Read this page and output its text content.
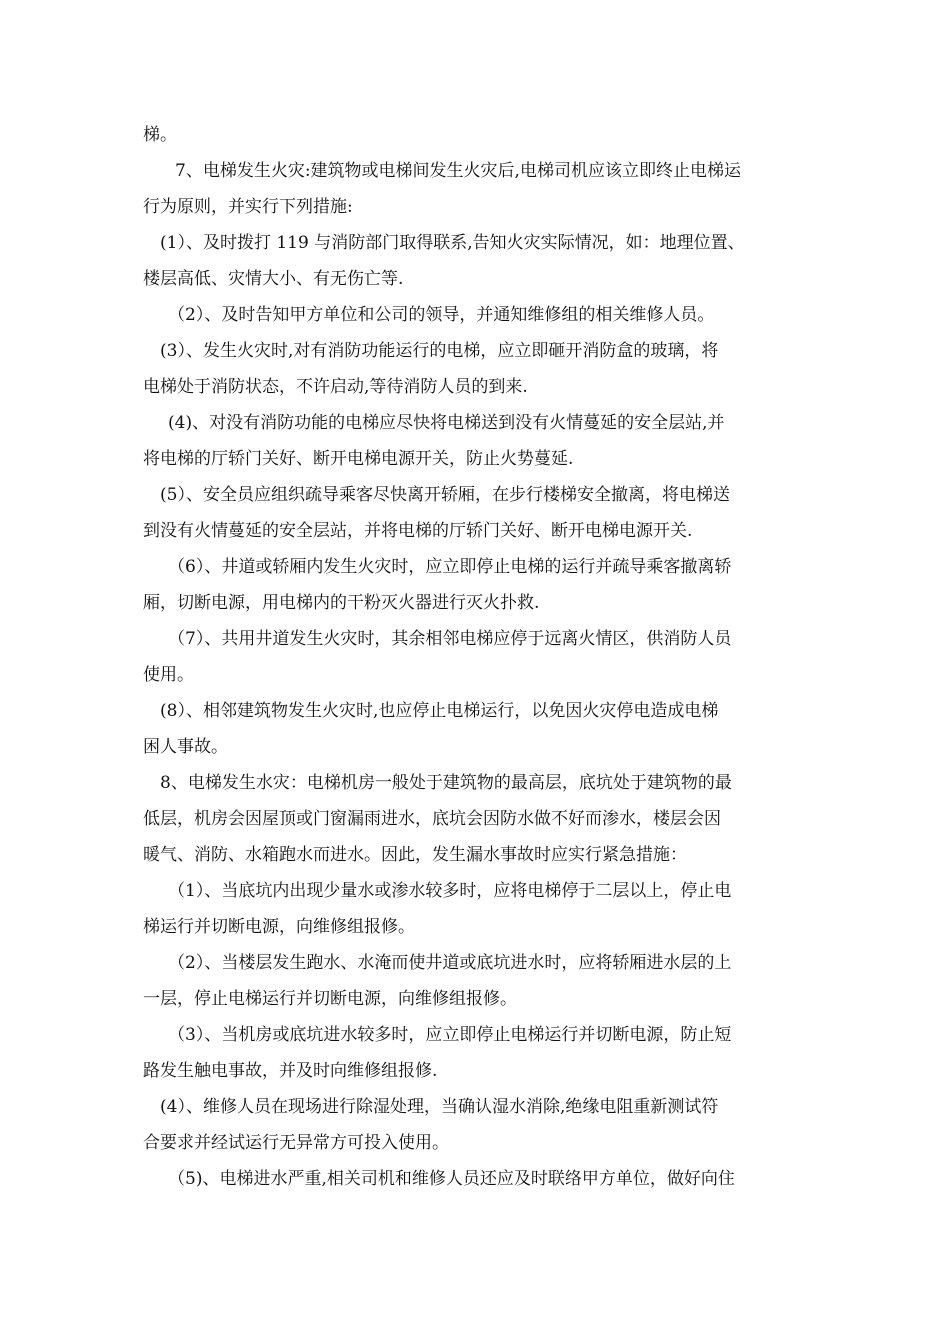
梯。
7、电梯发生火灾:建筑物或电梯间发生火灾后,电梯司机应该立即终止电梯运
行为原则，并实行下列措施:
(1）、及时拨打 119 与消防部门取得联系,告知火灾实际情况，如：地理位置、
楼层高低、灾情大小、有无伤亡等.
（2）、及时告知甲方单位和公司的领导，并通知维修组的相关维修人员。
(3）、发生火灾时,对有消防功能运行的电梯，应立即砸开消防盒的玻璃，将
电梯处于消防状态，不许启动,等待消防人员的到来.
(4)、对没有消防功能的电梯应尽快将电梯送到没有火情蔓延的安全层站,并
将电梯的厅轿门关好、断开电梯电源开关，防止火势蔓延.
(5）、安全员应组织疏导乘客尽快离开轿厢，在步行楼梯安全撤离，将电梯送
到没有火情蔓延的安全层站，并将电梯的厅轿门关好、断开电梯电源开关.
（6）、井道或轿厢内发生火灾时，应立即停止电梯的运行并疏导乘客撤离轿
厢，切断电源，用电梯内的干粉灭火器进行灭火扑救.
（7）、共用井道发生火灾时，其余相邻电梯应停于远离火情区，供消防人员
使用。
(8）、相邻建筑物发生火灾时,也应停止电梯运行，以免因火灾停电造成电梯
困人事故。
8、电梯发生水灾：电梯机房一般处于建筑物的最高层，底坑处于建筑物的最
低层，机房会因屋顶或门窗漏雨进水，底坑会因防水做不好而渗水，楼层会因
暖气、消防、水箱跑水而进水。因此，发生漏水事故时应实行紧急措施：
（1）、当底坑内出现少量水或渗水较多时，应将电梯停于二层以上，停止电
梯运行并切断电源，向维修组报修。
（2）、当楼层发生跑水、水淹而使井道或底坑进水时，应将轿厢进水层的上
一层，停止电梯运行并切断电源，向维修组报修。
（3）、当机房或底坑进水较多时，应立即停止电梯运行并切断电源，防止短
路发生触电事故，并及时向维修组报修.
(4）、维修人员在现场进行除湿处理，当确认湿水消除,绝缘电阻重新测试符
合要求并经试运行无异常方可投入使用。
（5)、电梯进水严重,相关司机和维修人员还应及时联络甲方单位，做好向住
